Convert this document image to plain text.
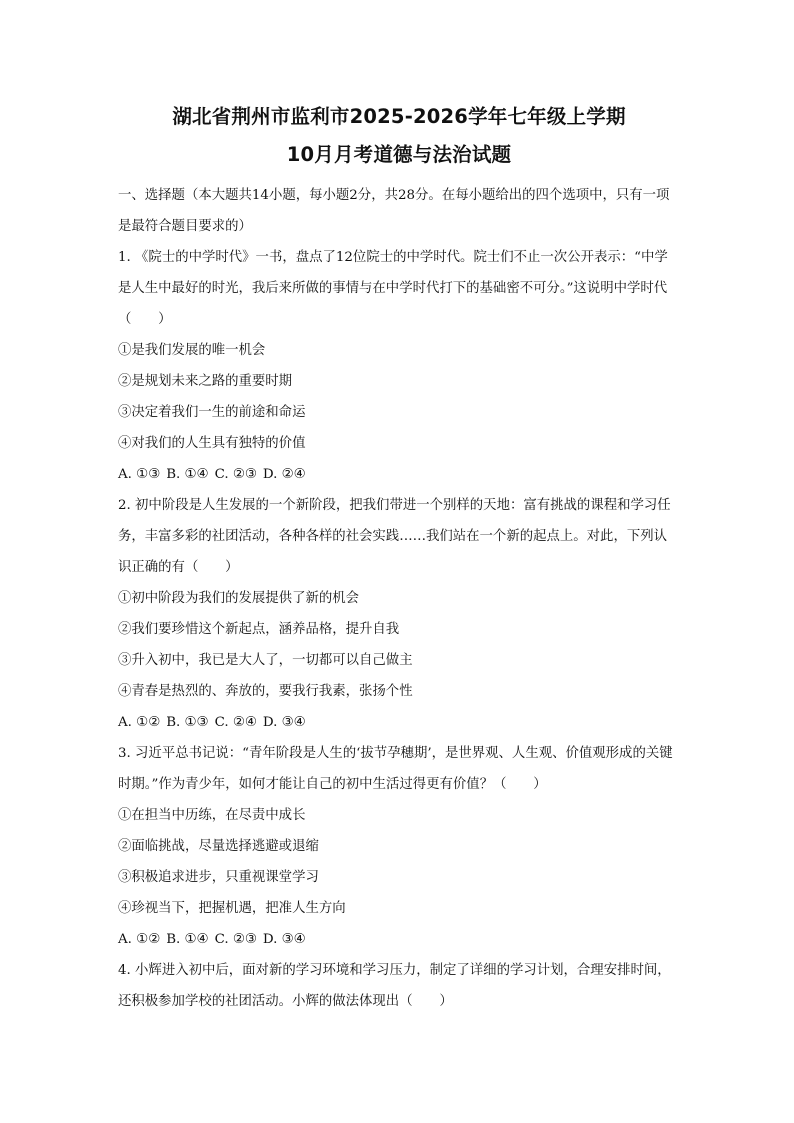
湖北省荆州市监利市2025-2026学年七年级上学期
10月月考道德与法治试题

一、选择题（本大题共14小题，每小题2分，共28分。在每小题给出的四个选项中，只有一项是最符合题目要求的）

1. 《院士的中学时代》一书，盘点了12位院士的中学时代。院士们不止一次公开表示：“中学是人生中最好的时光，我后来所做的事情与在中学时代打下的基础密不可分。”这说明中学时代（　　）

①是我们发展的唯一机会

②是规划未来之路的重要时期

③决定着我们一生的前途和命运

④对我们的人生具有独特的价值

A. ①③ B. ①④ C. ②③ D. ②④

2. 初中阶段是人生发展的一个新阶段，把我们带进一个别样的天地：富有挑战的课程和学习任务，丰富多彩的社团活动，各种各样的社会实践……我们站在一个新的起点上。对此，下列认识正确的有（　　）

①初中阶段为我们的发展提供了新的机会

②我们要珍惜这个新起点，涵养品格，提升自我

③升入初中，我已是大人了，一切都可以自己做主

④青春是热烈的、奔放的，要我行我素，张扬个性

A. ①② B. ①③ C. ②④ D. ③④

3. 习近平总书记说：“青年阶段是人生的‘拔节孕穗期’，是世界观、人生观、价值观形成的关键时期。”作为青少年，如何才能让自己的初中生活过得更有价值？（　　）

①在担当中历练，在尽责中成长

②面临挑战，尽量选择逃避或退缩

③积极追求进步，只重视课堂学习

④珍视当下，把握机遇，把准人生方向

A. ①② B. ①④ C. ②③ D. ③④

4. 小辉进入初中后，面对新的学习环境和学习压力，制定了详细的学习计划，合理安排时间，还积极参加学校的社团活动。小辉的做法体现出（　　）
